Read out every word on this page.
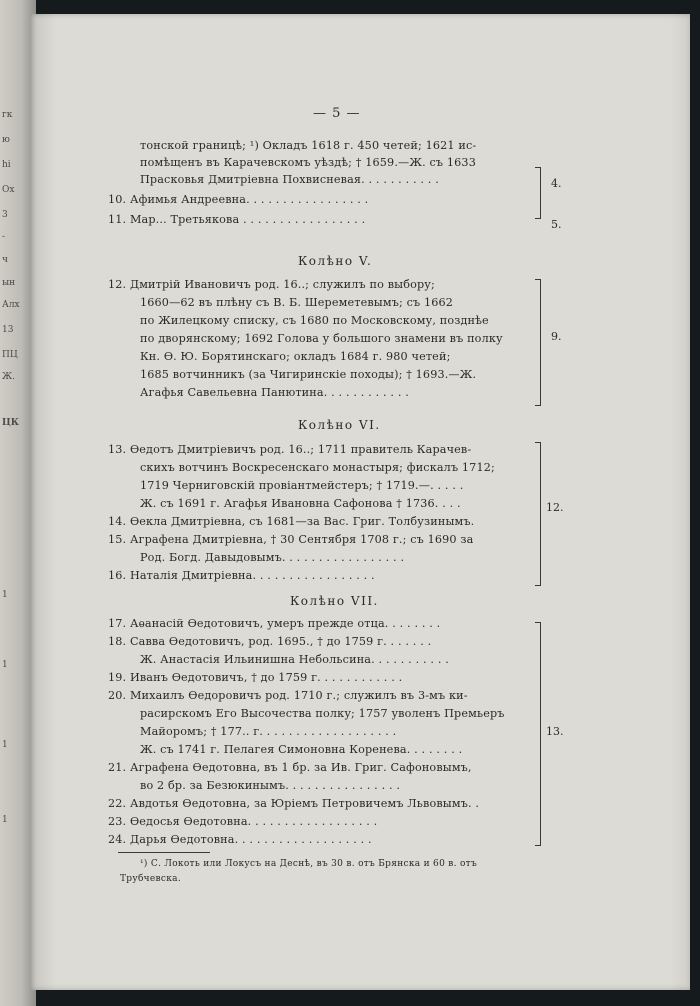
гк
ю
hi
Ох
3
-
ч
ын
Алх
13
ПЦ
Ж.
ЦК
1
1
1
1
— 5 —
тонской границѣ; ¹) Окладъ 1618 г. 450 четей; 1621 ис-
помѣщенъ въ Карачевскомъ уѣздѣ; † 1659.—Ж. съ 1633
Прасковья Дмитріевна Похвисневая. . . . . . . . . . .
10. Афимья Андреевна. . . . . . . . . . . . . . . . .
11. Мар... Третьякова . . . . . . . . . . . . . . . . .
4.
5.
Колѣно V.
12. Дмитрій Ивановичъ род. 16..; служилъ по выбору;
1660—62 въ плѣну съ В. Б. Шереметевымъ; съ 1662
по Жилецкому списку, съ 1680 по Московскому, позднѣе
по дворянскому; 1692 Голова у большого знамени въ полку
Кн. Ѳ. Ю. Борятинскаго; окладъ 1684 г. 980 четей;
1685 вотчинникъ (за Чигиринскіе походы); † 1693.—Ж.
Агафья Савельевна Панютина. . . . . . . . . . . .
9.
Колѣно VI.
13. Ѳедотъ Дмитріевичъ род. 16..; 1711 правитель Карачев-
скихъ вотчинъ Воскресенскаго монастыря; фискалъ 1712;
1719 Черниговскій провіантмейстеръ; † 1719.—. . . . .
Ж. съ 1691 г. Агафья Ивановна Сафонова † 1736. . . .
14. Ѳекла Дмитріевна, съ 1681—за Вас. Григ. Толбузинымъ.
15. Аграфена Дмитріевна, † 30 Сентября 1708 г.; съ 1690 за
Род. Богд. Давыдовымъ. . . . . . . . . . . . . . . . .
16. Наталія Дмитріевна. . . . . . . . . . . . . . . . .
12.
Колѣно VII.
17. Аѳанасій Ѳедотовичъ, умеръ прежде отца. . . . . . . .
18. Савва Ѳедотовичъ, род. 1695., † до 1759 г. . . . . . .
Ж. Анастасія Ильинишна Небольсина. . . . . . . . . . .
19. Иванъ Ѳедотовичъ, † до 1759 г. . . . . . . . . . . .
20. Михаилъ Ѳедоровичъ род. 1710 г.; служилъ въ 3-мъ ки-
расирскомъ Его Высочества полку; 1757 уволенъ Премьеръ
Майоромъ; † 177.. г. . . . . . . . . . . . . . . . . . .
Ж. съ 1741 г. Пелагея Симоновна Коренева. . . . . . . .
21. Аграфена Ѳедотовна, въ 1 бр. за Ив. Григ. Сафоновымъ,
во 2 бр. за Безюкинымъ. . . . . . . . . . . . . . . .
22. Авдотья Ѳедотовна, за Юріемъ Петровичемъ Львовымъ. .
23. Ѳедосья Ѳедотовна. . . . . . . . . . . . . . . . . .
24. Дарья Ѳедотовна. . . . . . . . . . . . . . . . . . .
13.
¹) С. Локоть или Локусъ на Деснѣ, въ 30 в. отъ Брянска и 60 в. отъ
Трубчевска.
